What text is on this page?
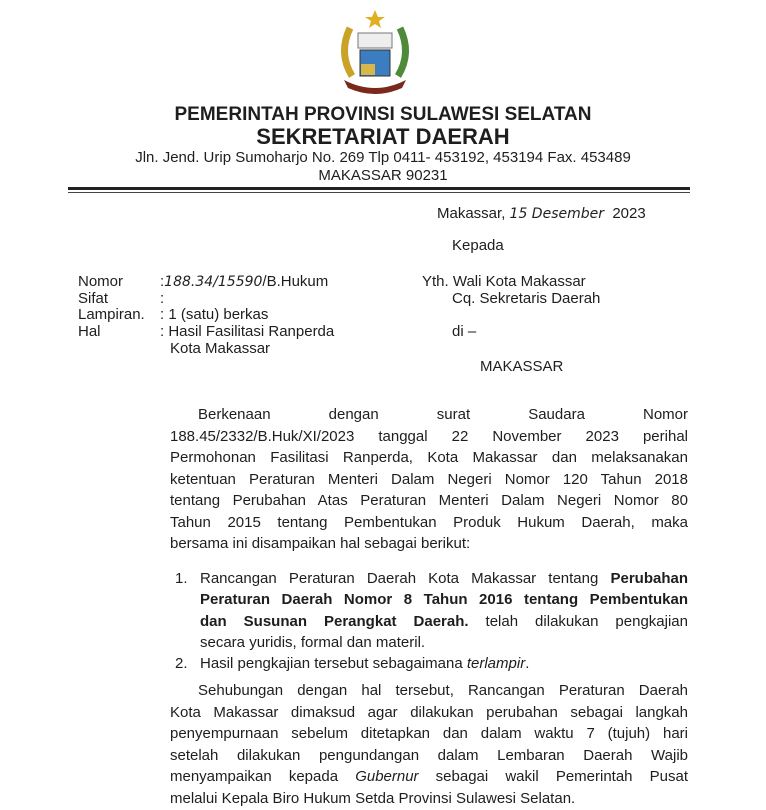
PEMERINTAH PROVINSI SULAWESI SELATAN
SEKRETARIAT DAERAH
Jln. Jend. Urip Sumoharjo No. 269 Tlp 0411- 453192, 453194 Fax. 453489
MAKASSAR 90231
Makassar, 15 Desember 2023
Kepada
Nomor :188.34/15590/B.Hukum
Sifat	:
Lampiran. : 1 (satu) berkas
Hal	: Hasil Fasilitasi Ranperda
Kota Makassar
Yth. Wali Kota Makassar
Cq. Sekretaris Daerah
di –
MAKASSAR
Berkenaan dengan surat Saudara Nomor
188.45/2332/B.Huk/XI/2023 tanggal 22 November 2023 perihal
Permohonan Fasilitasi Ranperda, Kota Makassar dan melaksanakan
ketentuan Peraturan Menteri Dalam Negeri Nomor 120 Tahun 2018
tentang Perubahan Atas Peraturan Menteri Dalam Negeri Nomor 80
Tahun 2015 tentang Pembentukan Produk Hukum Daerah, maka
bersama ini disampaikan hal sebagai berikut:
1. Rancangan Peraturan Daerah Kota Makassar tentang Perubahan
Peraturan Daerah Nomor 8 Tahun 2016 tentang Pembentukan
dan Susunan Perangkat Daerah. telah dilakukan pengkajian
secara yuridis, formal dan materil.
2. Hasil pengkajian tersebut sebagaimana terlampir.
Sehubungan dengan hal tersebut, Rancangan Peraturan Daerah
Kota Makassar dimaksud agar dilakukan perubahan sebagai langkah
penyempurnaan sebelum ditetapkan dan dalam waktu 7 (tujuh) hari
setelah dilakukan pengundangan dalam Lembaran Daerah Wajib
menyampaikan kepada Gubernur sebagai wakil Pemerintah Pusat
melalui Kepala Biro Hukum Setda Provinsi Sulawesi Selatan.
